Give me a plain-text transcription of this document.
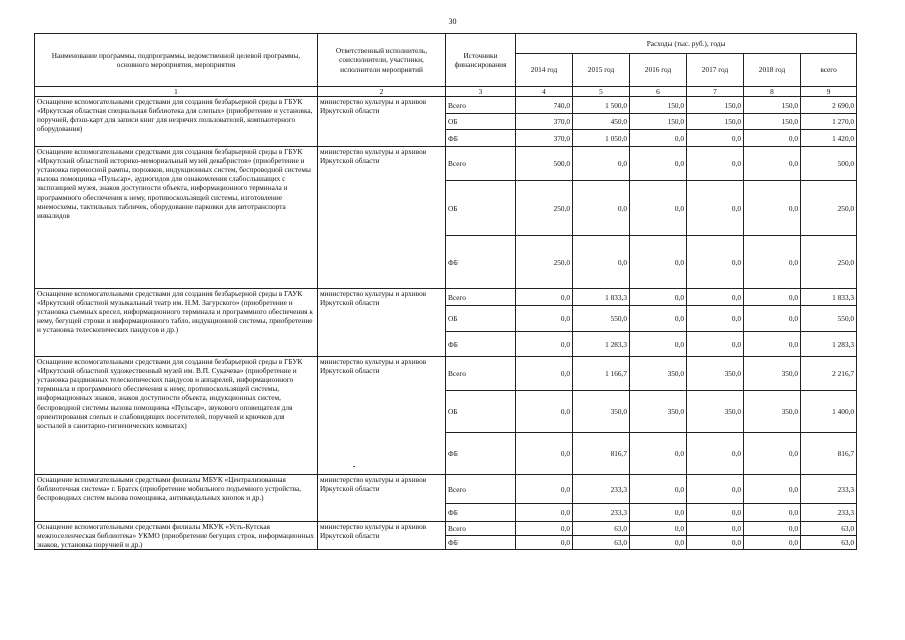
30
Наименование программы, подпрограммы, ведомственной целевой программы, основного мероприятия, мероприятия	Ответственный исполнитель, соисполнители, участники, исполнители мероприятий	Источники финансирования	Расходы (тыс. руб.), годы					
			2014 год	2015 год	2016 год	2017 год	2018 год	всего
1	2	3	4	5	6	7	8	9
Оснащение вспомогательными средствами для создания безбарьерной среды в ГБУК «Иркутская областная специальная библиотека для слепых» (приобретение и установка, поручней, флэш-карт для записи книг для незрячих пользователей, компьютерного оборудования)	министерство культуры и архивов Иркутской области	Всего	740,0	1 500,0	150,0	150,0	150,0	2 690,0
		ОБ	370,0	450,0	150,0	150,0	150,0	1 270,0
		ФБ	370,0	1 050,0	0,0	0,0	0,0	1 420,0
Оснащение вспомогательными средствами для создания безбарьерной среды в ГБУК «Иркутский областной историко-мемориальный музей декабристов» (приобретение и установка переносной рампы, порожков, индукционных систем, беспроводной системы вызова помощника «Пульсар», аудиогидов для ознакомления слабослышащих с экспозицией музея, знаков доступности объекта, информационного терминала и программного обеспечения к нему, противоскользящей системы, изготовление мнемосхемы, тактильных табличек, оборудование парковки для автотранспорта инвалидов	министерство культуры и архивов Иркутской области	Всего	500,0	0,0	0,0	0,0	0,0	500,0
		ОБ	250,0	0,0	0,0	0,0	0,0	250,0
		ФБ	250,0	0,0	0,0	0,0	0,0	250,0
Оснащение вспомогательными средствами для создания безбарьерной среды в ГАУК «Иркутский областной музыкальный театр им. Н.М. Загурского» (приобретение и установка съемных кресел, информационного терминала и программного обеспечения к нему, бегущей строки и информационного табло, индукционной системы, приобретение и установка телескопических пандусов и др.)	министерство культуры и архивов Иркутской области	Всего	0,0	1 833,3	0,0	0,0	0,0	1 833,3
		ОБ	0,0	550,0	0,0	0,0	0,0	550,0
		ФБ	0,0	1 283,3	0,0	0,0	0,0	1 283,3
Оснащение вспомогательными средствами для создания безбарьерной среды в ГБУК «Иркутский областной художественный музей им. В.П. Сукачева» (приобретение и установка раздвижных телескопических пандусов и аппарелей, информационного терминала и программного обеспечения к нему, противоскользящей системы, информационных знаков, знаков доступности объекта, индукционных систем, беспроводной системы вызова помощника «Пульсар», звукового оповещателя для ориентирования слепых и слабовидящих посетителей, поручней и крючков для костылей в санитарно-гигиенических комнатах)	министерство культуры и архивов Иркутской области	Всего	0,0	1 166,7	350,0	350,0	350,0	2 216,7
		ОБ	0,0	350,0	350,0	350,0	350,0	1 400,0
		ФБ	0,0	816,7	0,0	0,0	0,0	816,7
Оснащение вспомогательными средствами филиалы МБУК «Централизованная библиотечная система» г. Братск (приобретение мобильного подъемного устройства, беспроводных систем вызова помощника, антивандальных кнопок и др.)	министерство культуры и архивов Иркутской области	Всего	0,0	233,3	0,0	0,0	0,0	233,3
		ФБ	0,0	233,3	0,0	0,0	0,0	233,3
Оснащение вспомогательными средствами филиалы МКУК «Усть-Кутская межпоселенческая библиотека» УКМО (приобретение бегущих строк, информационных знаков, установка поручней и др.)	министерство культуры и архивов Иркутской области	Всего	0,0	63,0	0,0	0,0	0,0	63,0
		ФБ	0,0	63,0	0,0	0,0	0,0	63,0
